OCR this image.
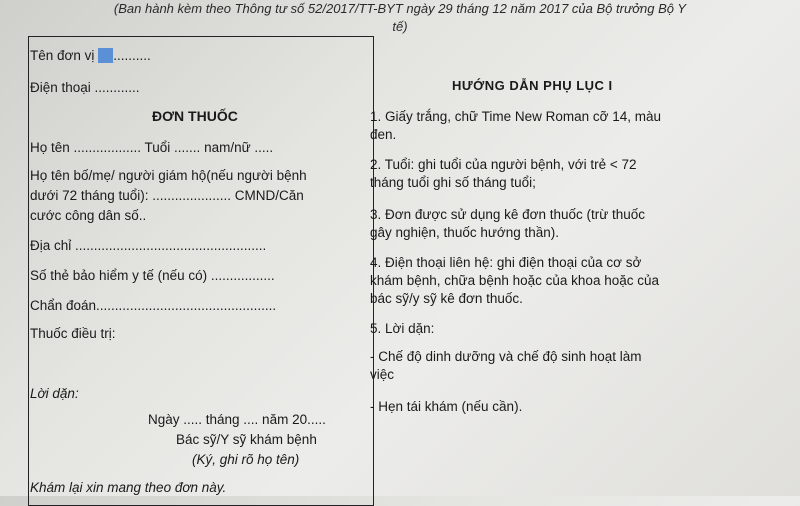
(Ban hành kèm theo Thông tư số 52/2017/TT-BYT ngày 29 tháng 12 năm 2017 của Bộ trưởng Bộ Y
tế)
Tên đơn vị __..........
Điện thoại ............
ĐƠN THUỐC
Họ tên .................. Tuổi ....... nam/nữ .....
Họ tên bố/mẹ/ người giám hộ(nếu người bệnh
dưới 72 tháng tuổi): ..................... CMND/Căn
cước công dân số..
Địa chỉ ...................................................
Số thẻ bảo hiểm y tế (nếu có) .................
Chẩn đoán................................................
Thuốc điều trị:
Lời dặn:
Ngày ..... tháng .... năm 20.....
Bác sỹ/Y sỹ khám bệnh
(Ký, ghi rõ họ tên)
Khám lại xin mang theo đơn này.
HƯỚNG DẪN PHỤ LỤC I
1. Giấy trắng, chữ Time New Roman cỡ 14, màu
đen.
2. Tuổi: ghi tuổi của người bệnh, với trẻ < 72
tháng tuổi ghi số tháng tuổi;
3. Đơn được sử dụng kê đơn thuốc (trừ thuốc
gây nghiện, thuốc hướng thần).
4. Điện thoại liên hệ: ghi điện thoại của cơ sở
khám bệnh, chữa bệnh hoặc của khoa hoặc của
bác sỹ/y sỹ kê đơn thuốc.
5. Lời dặn:
- Chế độ dinh dưỡng và chế độ sinh hoạt làm
việc
- Hẹn tái khám (nếu cần).
